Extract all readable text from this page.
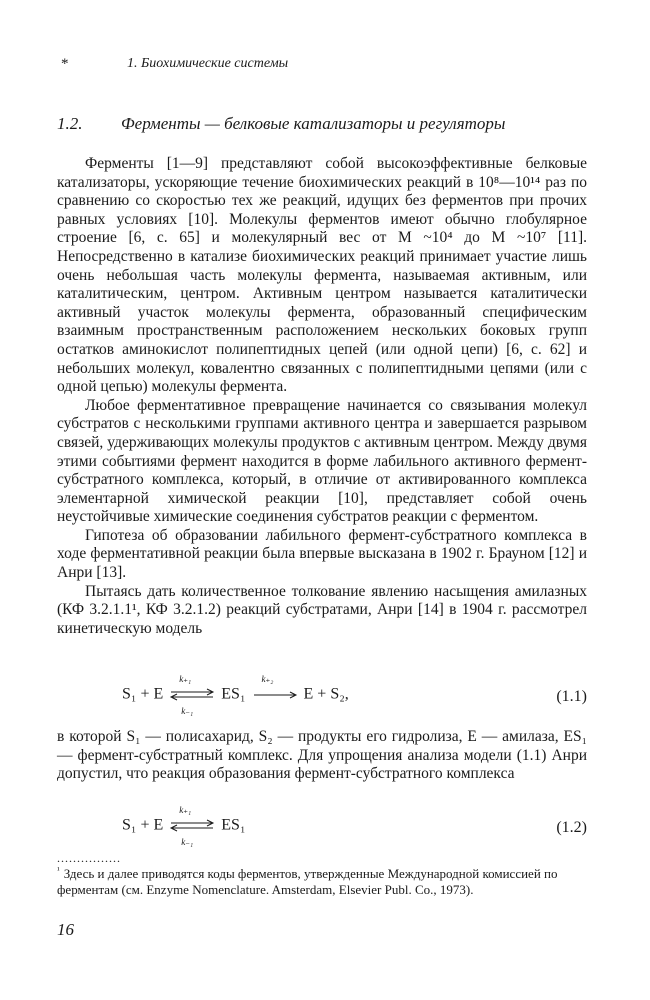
*	1. Биохимические системы
1.2. Ферменты — белковые катализаторы и регуляторы

Ферменты [1—9] представляют собой высокоэффективные белковые катализаторы, ускоряющие течение биохимических реакций в 10⁸—10¹⁴ раз по сравнению со скоростью тех же реакций, идущих без ферментов при прочих равных условиях [10]. Молекулы ферментов имеют обычно глобулярное строение [6, с. 65] и молекулярный вес от М ~10⁴ до М ~10⁷ [11]. Непосредственно в катализе биохимических реакций принимает участие лишь очень небольшая часть молекулы фермента, называемая активным, или каталитическим, центром. Активным центром называется каталитически активный участок молекулы фермента, образованный специфическим взаимным пространственным расположением нескольких боковых групп остатков аминокислот полипептидных цепей (или одной цепи) [6, с. 62] и небольших молекул, ковалентно связанных с полипептидными цепями (или с одной цепью) молекулы фермента.

Любое ферментативное превращение начинается со связывания молекул субстратов с несколькими группами активного центра и завершается разрывом связей, удерживающих молекулы продуктов с активным центром. Между двумя этими событиями фермент находится в форме лабильного активного фермент-субстратного комплекса, который, в отличие от активированного комплекса элементарной химической реакции [10], представляет собой очень неустойчивые химические соединения субстратов реакции с ферментом.

Гипотеза об образовании лабильного фермент-субстратного комплекса в ходе ферментативной реакции была впервые высказана в 1902 г. Брауном [12] и Анри [13].

Пытаясь дать количественное толкование явлению насыщения амилазных (КФ 3.2.1.1¹, КФ 3.2.1.2) реакций субстратами, Анри [14] в 1904 г. рассмотрел кинетическую модель

S₁ + E
k₊₁
k₋₁
ES₁
k₊₂
E + S₂,	(1.1)

в которой S₁ — полисахарид, S₂ — продукты его гидролиза, Е — амилаза, ES₁ — фермент-субстратный комплекс. Для упрощения анализа модели (1.1) Анри допустил, что реакция образования фермент-субстратного комплекса

S₁ + E
k₊₁
k₋₁
ES₁	(1.2)
................
$^{^1}$ Здесь и далее приводятся коды ферментов, утвержденные Международной комиссией по ферментам (см. Enzyme Nomenclature. Amsterdam, Elsevier Publ. Co., 1973).
16
